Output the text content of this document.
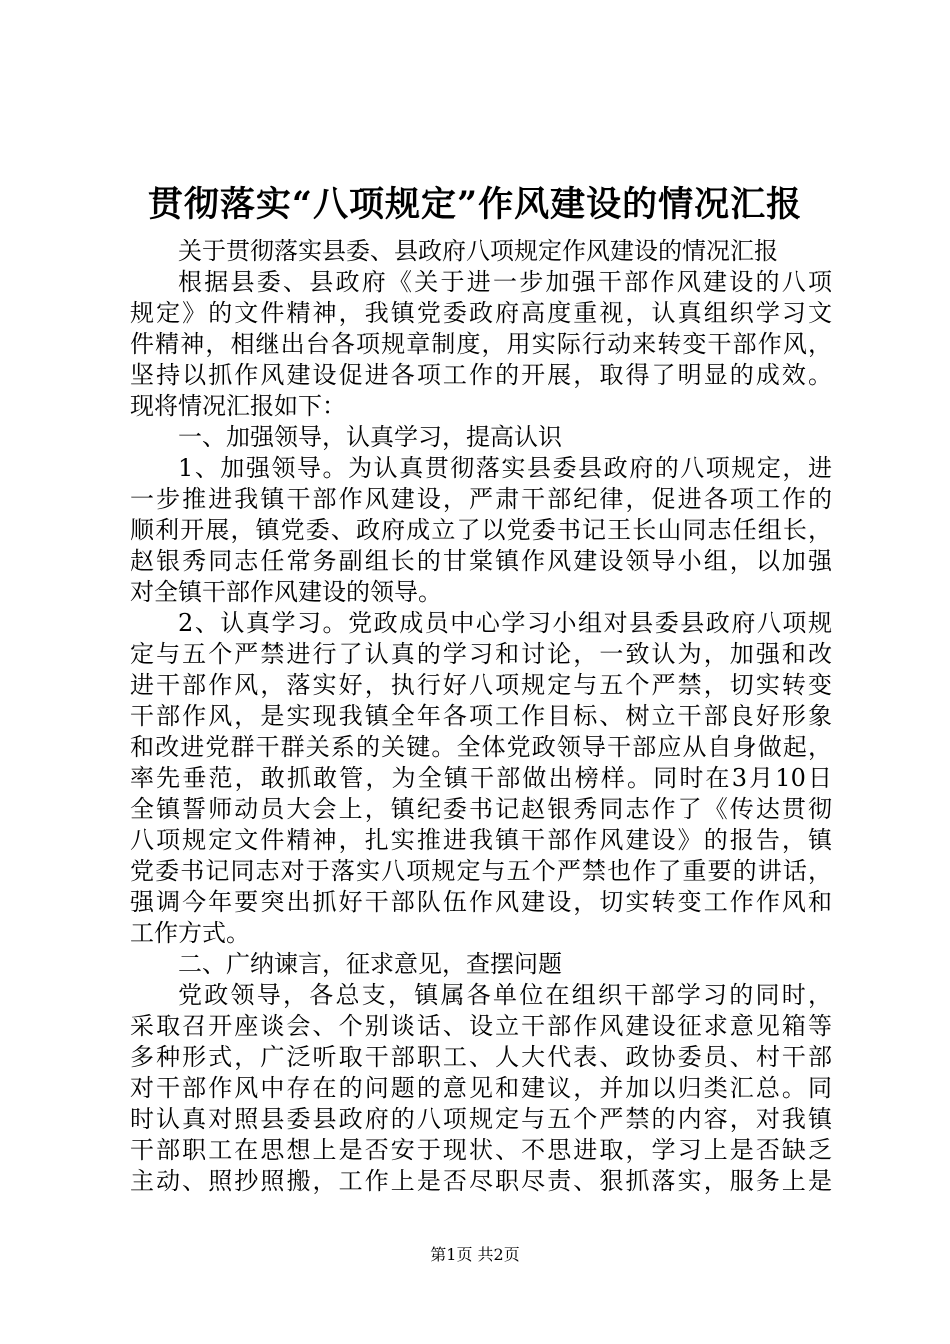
贯彻落实“八项规定”作风建设的情况汇报
关于贯彻落实县委、县政府八项规定作风建设的情况汇报
根据县委、县政府《关于进一步加强干部作风建设的八项
规定》的文件精神，我镇党委政府高度重视，认真组织学习文
件精神，相继出台各项规章制度，用实际行动来转变干部作风，
坚持以抓作风建设促进各项工作的开展，取得了明显的成效。
现将情况汇报如下：
一、加强领导，认真学习，提高认识
1、加强领导。为认真贯彻落实县委县政府的八项规定，进
一步推进我镇干部作风建设，严肃干部纪律，促进各项工作的
顺利开展，镇党委、政府成立了以党委书记王长山同志任组长，
赵银秀同志任常务副组长的甘棠镇作风建设领导小组，以加强
对全镇干部作风建设的领导。
2、认真学习。党政成员中心学习小组对县委县政府八项规
定与五个严禁进行了认真的学习和讨论，一致认为，加强和改
进干部作风，落实好，执行好八项规定与五个严禁，切实转变
干部作风，是实现我镇全年各项工作目标、树立干部良好形象
和改进党群干群关系的关键。全体党政领导干部应从自身做起，
率先垂范，敢抓敢管，为全镇干部做出榜样。同时在3月10日
全镇誓师动员大会上，镇纪委书记赵银秀同志作了《传达贯彻
八项规定文件精神，扎实推进我镇干部作风建设》的报告，镇
党委书记同志对于落实八项规定与五个严禁也作了重要的讲话，
强调今年要突出抓好干部队伍作风建设，切实转变工作作风和
工作方式。
二、广纳谏言，征求意见，查摆问题
党政领导，各总支，镇属各单位在组织干部学习的同时，
采取召开座谈会、个别谈话、设立干部作风建设征求意见箱等
多种形式，广泛听取干部职工、人大代表、政协委员、村干部
对干部作风中存在的问题的意见和建议，并加以归类汇总。同
时认真对照县委县政府的八项规定与五个严禁的内容，对我镇
干部职工在思想上是否安于现状、不思进取，学习上是否缺乏
主动、照抄照搬，工作上是否尽职尽责、狠抓落实，服务上是
第1页 共2页
